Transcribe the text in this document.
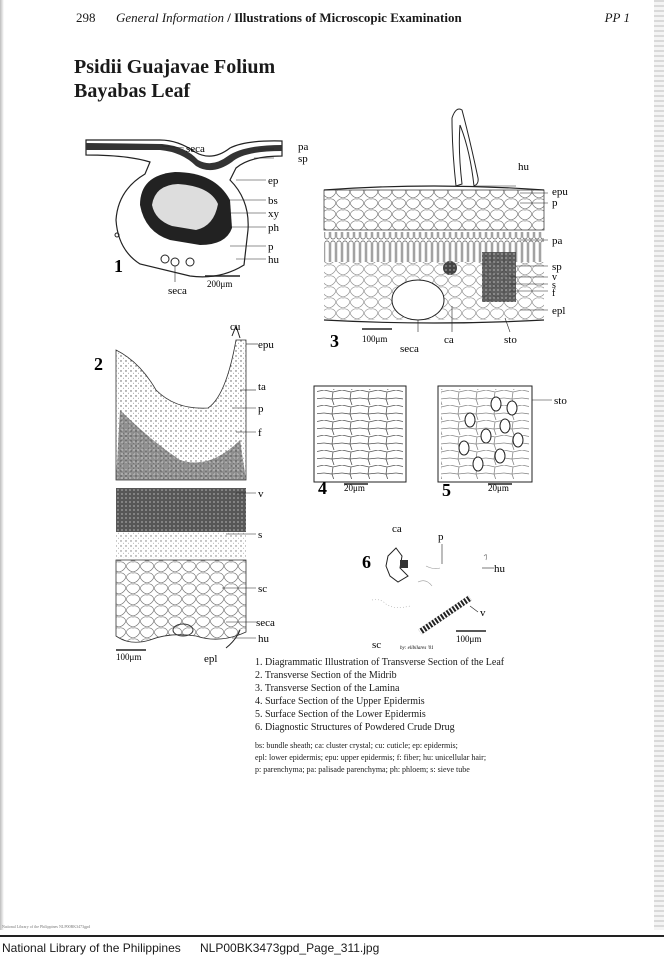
298 General Information / Illustrations of Microscopic Examination	PP 1
Psidii Guajavae Folium
Bayabas Leaf
seca	pa
sp
ep
bs
xy
ph
p
hu
seca
200μm
1
hu
epu
p
pa
sp
v
s
f
epl
seca
ca	sto
100μm
3
cu
epu
ta
p
f
v
s
sc
seca
hu
epl
100μm
2
20μm
4
sto
20μm
5
ca
p
hu
v
sc	by: elibilares '01
100μm
6
1. Diagrammatic Illustration of Transverse Section of the Leaf
2. Transverse Section of the Midrib
3. Transverse Section of the Lamina
4. Surface Section of the Upper Epidermis
5. Surface Section of the Lower Epidermis
6. Diagnostic Structures of Powdered Crude Drug
bs: bundle sheath; ca: cluster crystal; cu: cuticle; ep: epidermis;
epl: lower epidermis; epu: upper epidermis; f: fiber; hu: unicellular hair;
p: parenchyma; pa: palisade parenchyma; ph: phloem; s: sieve tube
National Library of the Philippines NLP00BK3473gpd
National Library of the Philippines NLP00BK3473gpd_Page_311.jpg
